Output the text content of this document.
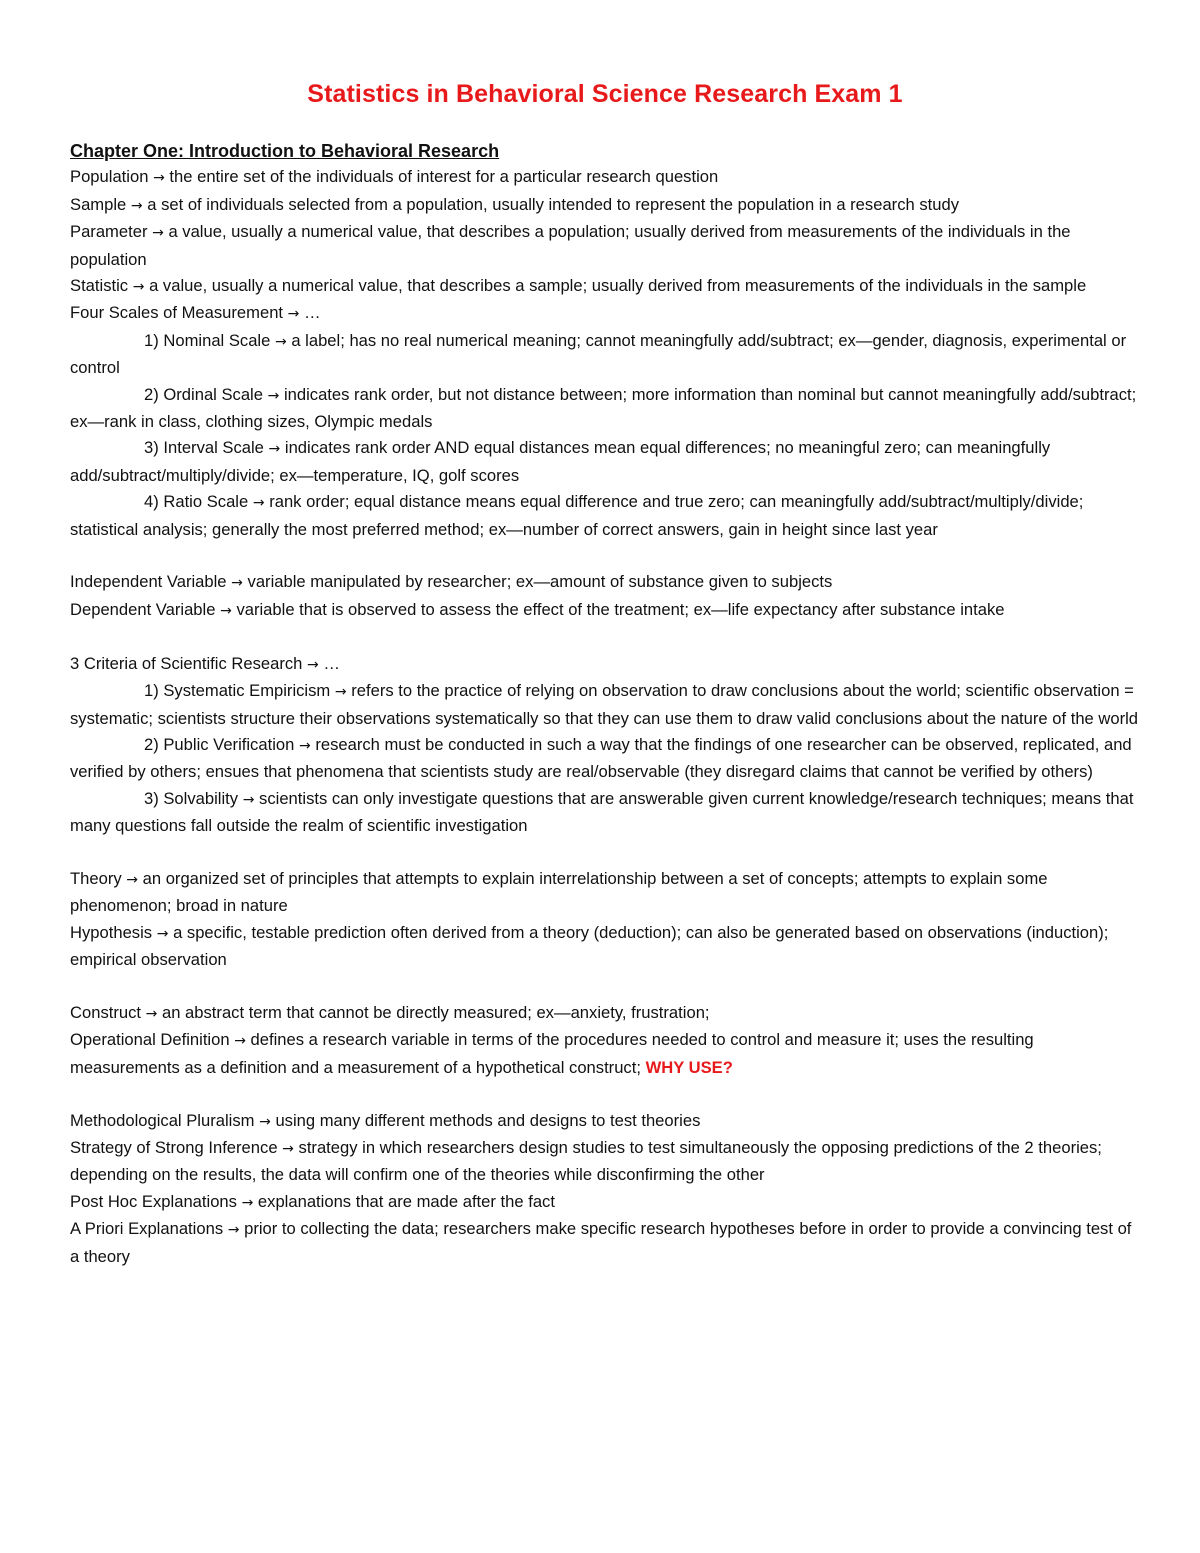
Statistics in Behavioral Science Research Exam 1

Chapter One: Introduction to Behavioral Research

Population → the entire set of the individuals of interest for a particular research question

Sample → a set of individuals selected from a population, usually intended to represent the population in a research study

Parameter → a value, usually a numerical value, that describes a population; usually derived from measurements of the individuals in the population

Statistic → a value, usually a numerical value, that describes a sample; usually derived from measurements of the individuals in the sample

Four Scales of Measurement → …

1) Nominal Scale → a label; has no real numerical meaning; cannot meaningfully add/subtract; ex—gender, diagnosis, experimental or control

2) Ordinal Scale → indicates rank order, but not distance between; more information than nominal but cannot meaningfully add/subtract; ex—rank in class, clothing sizes, Olympic medals

3) Interval Scale → indicates rank order AND equal distances mean equal differences; no meaningful zero; can meaningfully add/subtract/multiply/divide; ex—temperature, IQ, golf scores

4) Ratio Scale → rank order; equal distance means equal difference and true zero; can meaningfully add/subtract/multiply/divide; statistical analysis; generally the most preferred method; ex—number of correct answers, gain in height since last year

Independent Variable → variable manipulated by researcher; ex—amount of substance given to subjects

Dependent Variable → variable that is observed to assess the effect of the treatment; ex—life expectancy after substance intake

3 Criteria of Scientific Research → …

1) Systematic Empiricism → refers to the practice of relying on observation to draw conclusions about the world; scientific observation = systematic; scientists structure their observations systematically so that they can use them to draw valid conclusions about the nature of the world

2) Public Verification → research must be conducted in such a way that the findings of one researcher can be observed, replicated, and verified by others; ensues that phenomena that scientists study are real/observable (they disregard claims that cannot be verified by others)

3) Solvability → scientists can only investigate questions that are answerable given current knowledge/research techniques; means that many questions fall outside the realm of scientific investigation

Theory → an organized set of principles that attempts to explain interrelationship between a set of concepts; attempts to explain some phenomenon; broad in nature

Hypothesis → a specific, testable prediction often derived from a theory (deduction); can also be generated based on observations (induction); empirical observation

Construct → an abstract term that cannot be directly measured; ex—anxiety, frustration;

Operational Definition → defines a research variable in terms of the procedures needed to control and measure it; uses the resulting measurements as a definition and a measurement of a hypothetical construct; WHY USE?

Methodological Pluralism → using many different methods and designs to test theories

Strategy of Strong Inference → strategy in which researchers design studies to test simultaneously the opposing predictions of the 2 theories; depending on the results, the data will confirm one of the theories while disconfirming the other

Post Hoc Explanations → explanations that are made after the fact

A Priori Explanations → prior to collecting the data; researchers make specific research hypotheses before in order to provide a convincing test of a theory
